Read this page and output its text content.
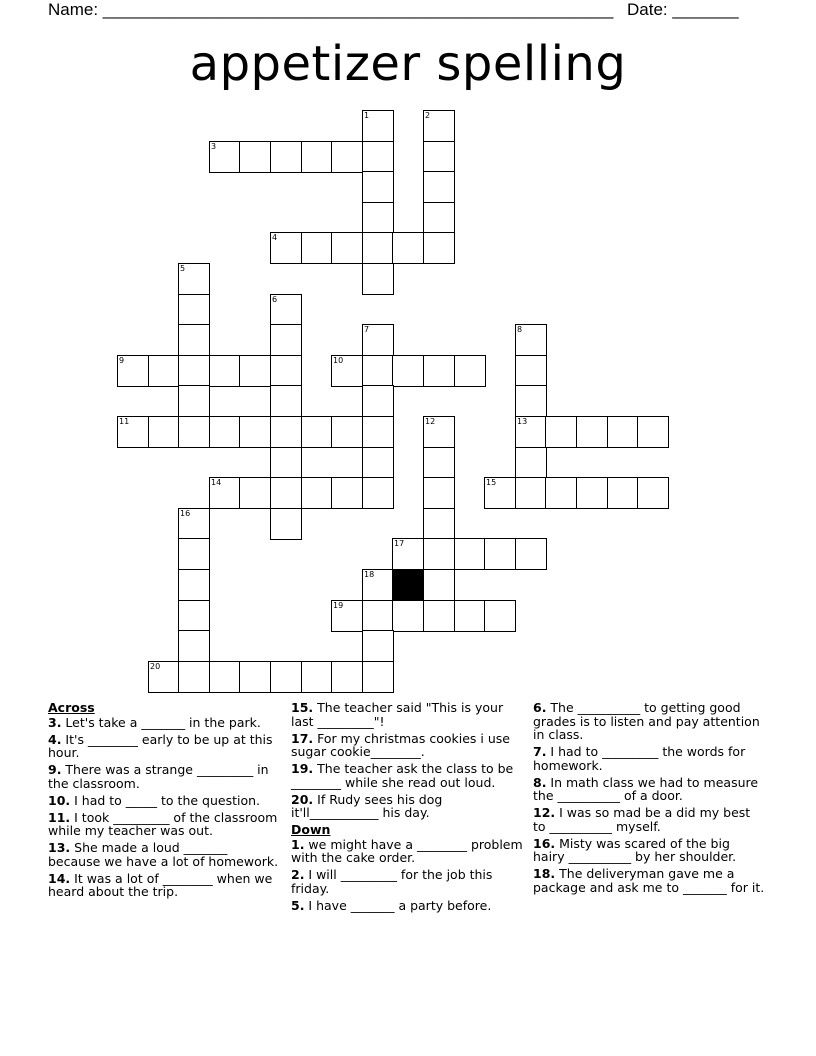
Name: ______________________________________________________ Date: _______
appetizer spelling
1	2
3
4
5
6
7	8
9	10
11	12	13
14	15
16
17
18
19
20
Across
3. Let's take a _______ in the park.
4. It's ________ early to be up at this hour.
9. There was a strange _________ in the classroom.
10. I had to _____ to the question.
11. I took _________ of the classroom while my teacher was out.
13. She made a loud _______ because we have a lot of homework.
14. It was a lot of ________ when we heard about the trip.
15. The teacher said "This is your last _________"!
17. For my christmas cookies i use sugar cookie________.
19. The teacher ask the class to be ________ while she read out loud.
20. If Rudy sees his dog it'll___________ his day.
Down
1. we might have a ________ problem with the cake order.
2. I will _________ for the job this friday.
5. I have _______ a party before.
6. The __________ to getting good grades is to listen and pay attention in class.
7. I had to _________ the words for homework.
8. In math class we had to measure the __________ of a door.
12. I was so mad be a did my best to __________ myself.
16. Misty was scared of the big hairy __________ by her shoulder.
18. The deliveryman gave me a package and ask me to _______ for it.
